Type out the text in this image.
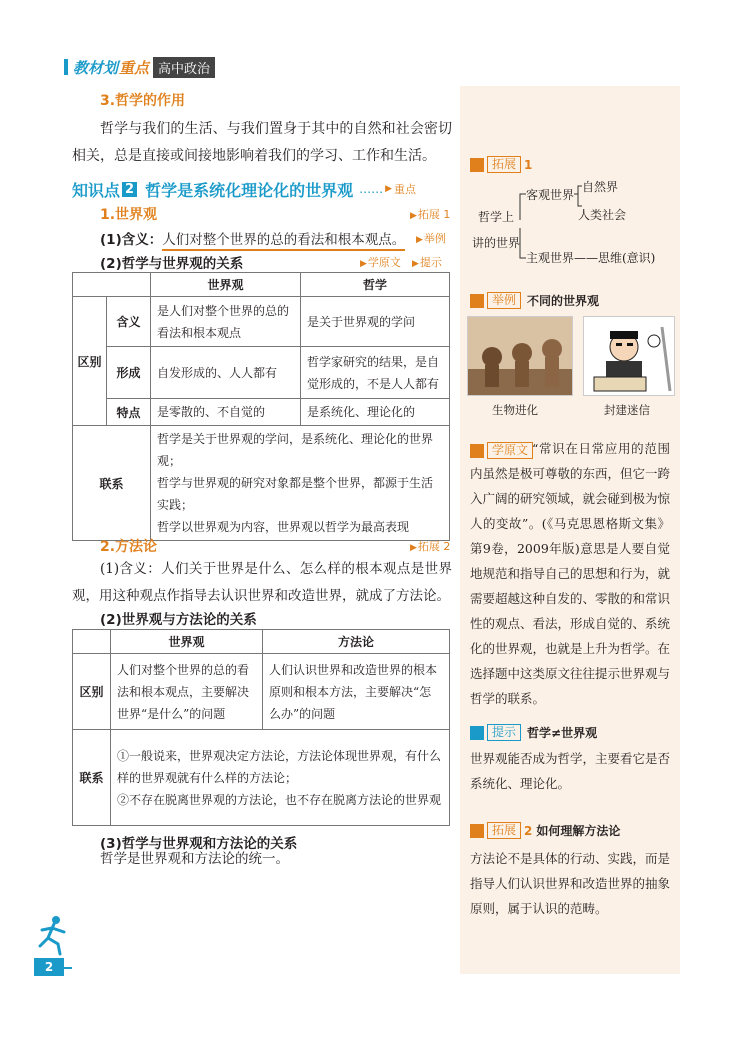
教材划 重点 高中政治
3.哲学的作用
哲学与我们的生活、与我们置身于其中的自然和社会密切相关，总是直接或间接地影响着我们的学习、工作和生活。
知识点 2 哲学是系统化理论化的世界观 …… ▶ 重点
1.世界观	▶拓展 1
(1)含义：人们对整个世界的总的看法和根本观点。 ▶举例
(2)哲学与世界观的关系	▶学原文 ▶提示
		世界观	哲学
区别	含义	是人们对整个世界的总的看法和根本观点	是关于世界观的学问
	形成	自发形成的、人人都有	哲学家研究的结果，是自觉形成的，不是人人都有
	特点	是零散的、不自觉的	是系统化、理论化的
联系		哲学是关于世界观的学问，是系统化、理论化的世界观；
哲学与世界观的研究对象都是整个世界，都源于生活实践；
哲学以世界观为内容，世界观以哲学为最高表现	
2.方法论	▶拓展 2
(1)含义：人们关于世界是什么、怎么样的根本观点是世界观，用这种观点作指导去认识世界和改造世界，就成了方法论。
(2)世界观与方法论的关系
	世界观	方法论
区别	人们对整个世界的总的看法和根本观点，主要解决世界“是什么”的问题	人们认识世界和改造世界的根本原则和根本方法，主要解决“怎么办”的问题
联系	①一般说来，世界观决定方法论，方法论体现世界观，有什么样的世界观就有什么样的方法论；
②不存在脱离世界观的方法论，也不存在脱离方法论的世界观	
(3)哲学与世界观和方法论的关系
哲学是世界观和方法论的统一。
拓展 1
哲学上
讲的世界
客观世界
自然界
人类社会
主观世界——思维(意识)
举例 不同的世界观
生物进化	封建迷信
学原文 “常识在日常应用的范围内虽然是极可尊敬的东西，但它一跨入广阔的研究领域，就会碰到极为惊人的变故”。(《马克思恩格斯文集》第9卷，2009年版)意思是人要自觉地规范和指导自己的思想和行为，就需要超越这种自发的、零散的和常识性的观点、看法，形成自觉的、系统化的世界观，也就是上升为哲学。在选择题中这类原文往往提示世界观与哲学的联系。
提示 哲学≠世界观
世界观能否成为哲学，主要看它是否系统化、理论化。
拓展 2 如何理解方法论
方法论不是具体的行动、实践，而是指导人们认识世界和改造世界的抽象原则，属于认识的范畴。
2
